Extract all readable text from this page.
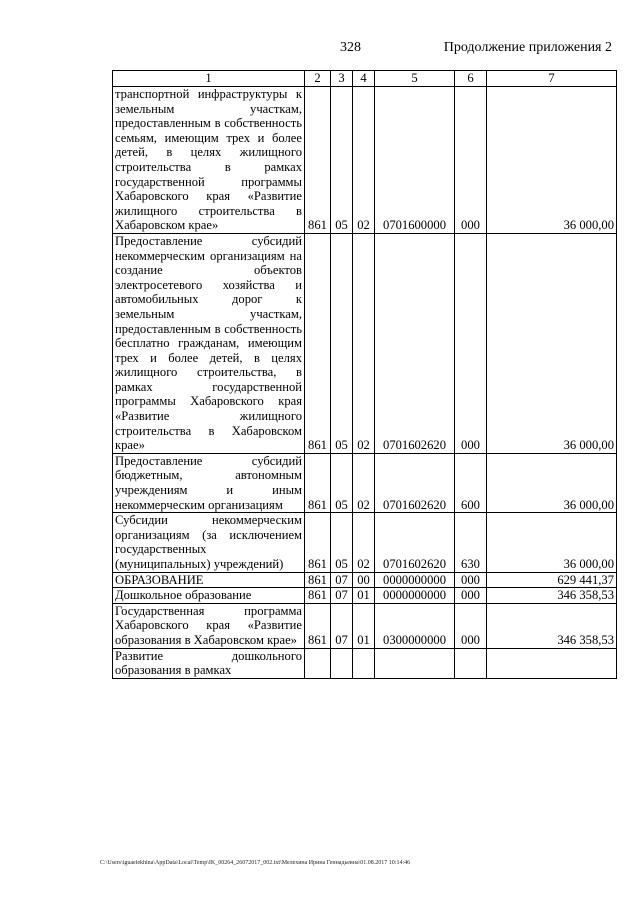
328	Продолжение приложения 2
1	2	3	4	5	6	7
транспортной инфраструктуры к земельным участкам, предоставленным в собственность семьям, имеющим трех и более детей, в целях жилищного строительства в рамках государственной программы Хабаровского края «Развитие жилищного строительства в Хабаровском крае»	861	05	02	0701600000	000	36 000,00
Предоставление субсидий некоммерческим организациям на создание объектов электросетевого хозяйства и автомобильных дорог к земельным участкам, предоставленным в собственность бесплатно гражданам, имеющим трех и более детей, в целях жилищного строительства, в рамках государственной программы Хабаровского края «Развитие жилищного строительства в Хабаровском крае»	861	05	02	0701602620	000	36 000,00
Предоставление субсидий бюджетным, автономным учреждениям и иным некоммерческим организациям	861	05	02	0701602620	600	36 000,00
Субсидии некоммерческим организациям (за исключением государственных (муниципальных) учреждений)	861	05	02	0701602620	630	36 000,00
ОБРАЗОВАНИЕ	861	07	00	0000000000	000	629 441,37
Дошкольное образование	861	07	01	0000000000	000	346 358,53
Государственная программа Хабаровского края «Развитие образования в Хабаровском крае»	861	07	01	0300000000	000	346 358,53
Развитие дошкольного образования в рамках						
C:\Users\iguaelekhina\AppData\Local\Temp\IK_00264_26072017_002.txt\Мелехина Ирина Геннадьевна\01.08.2017 10:14:46
